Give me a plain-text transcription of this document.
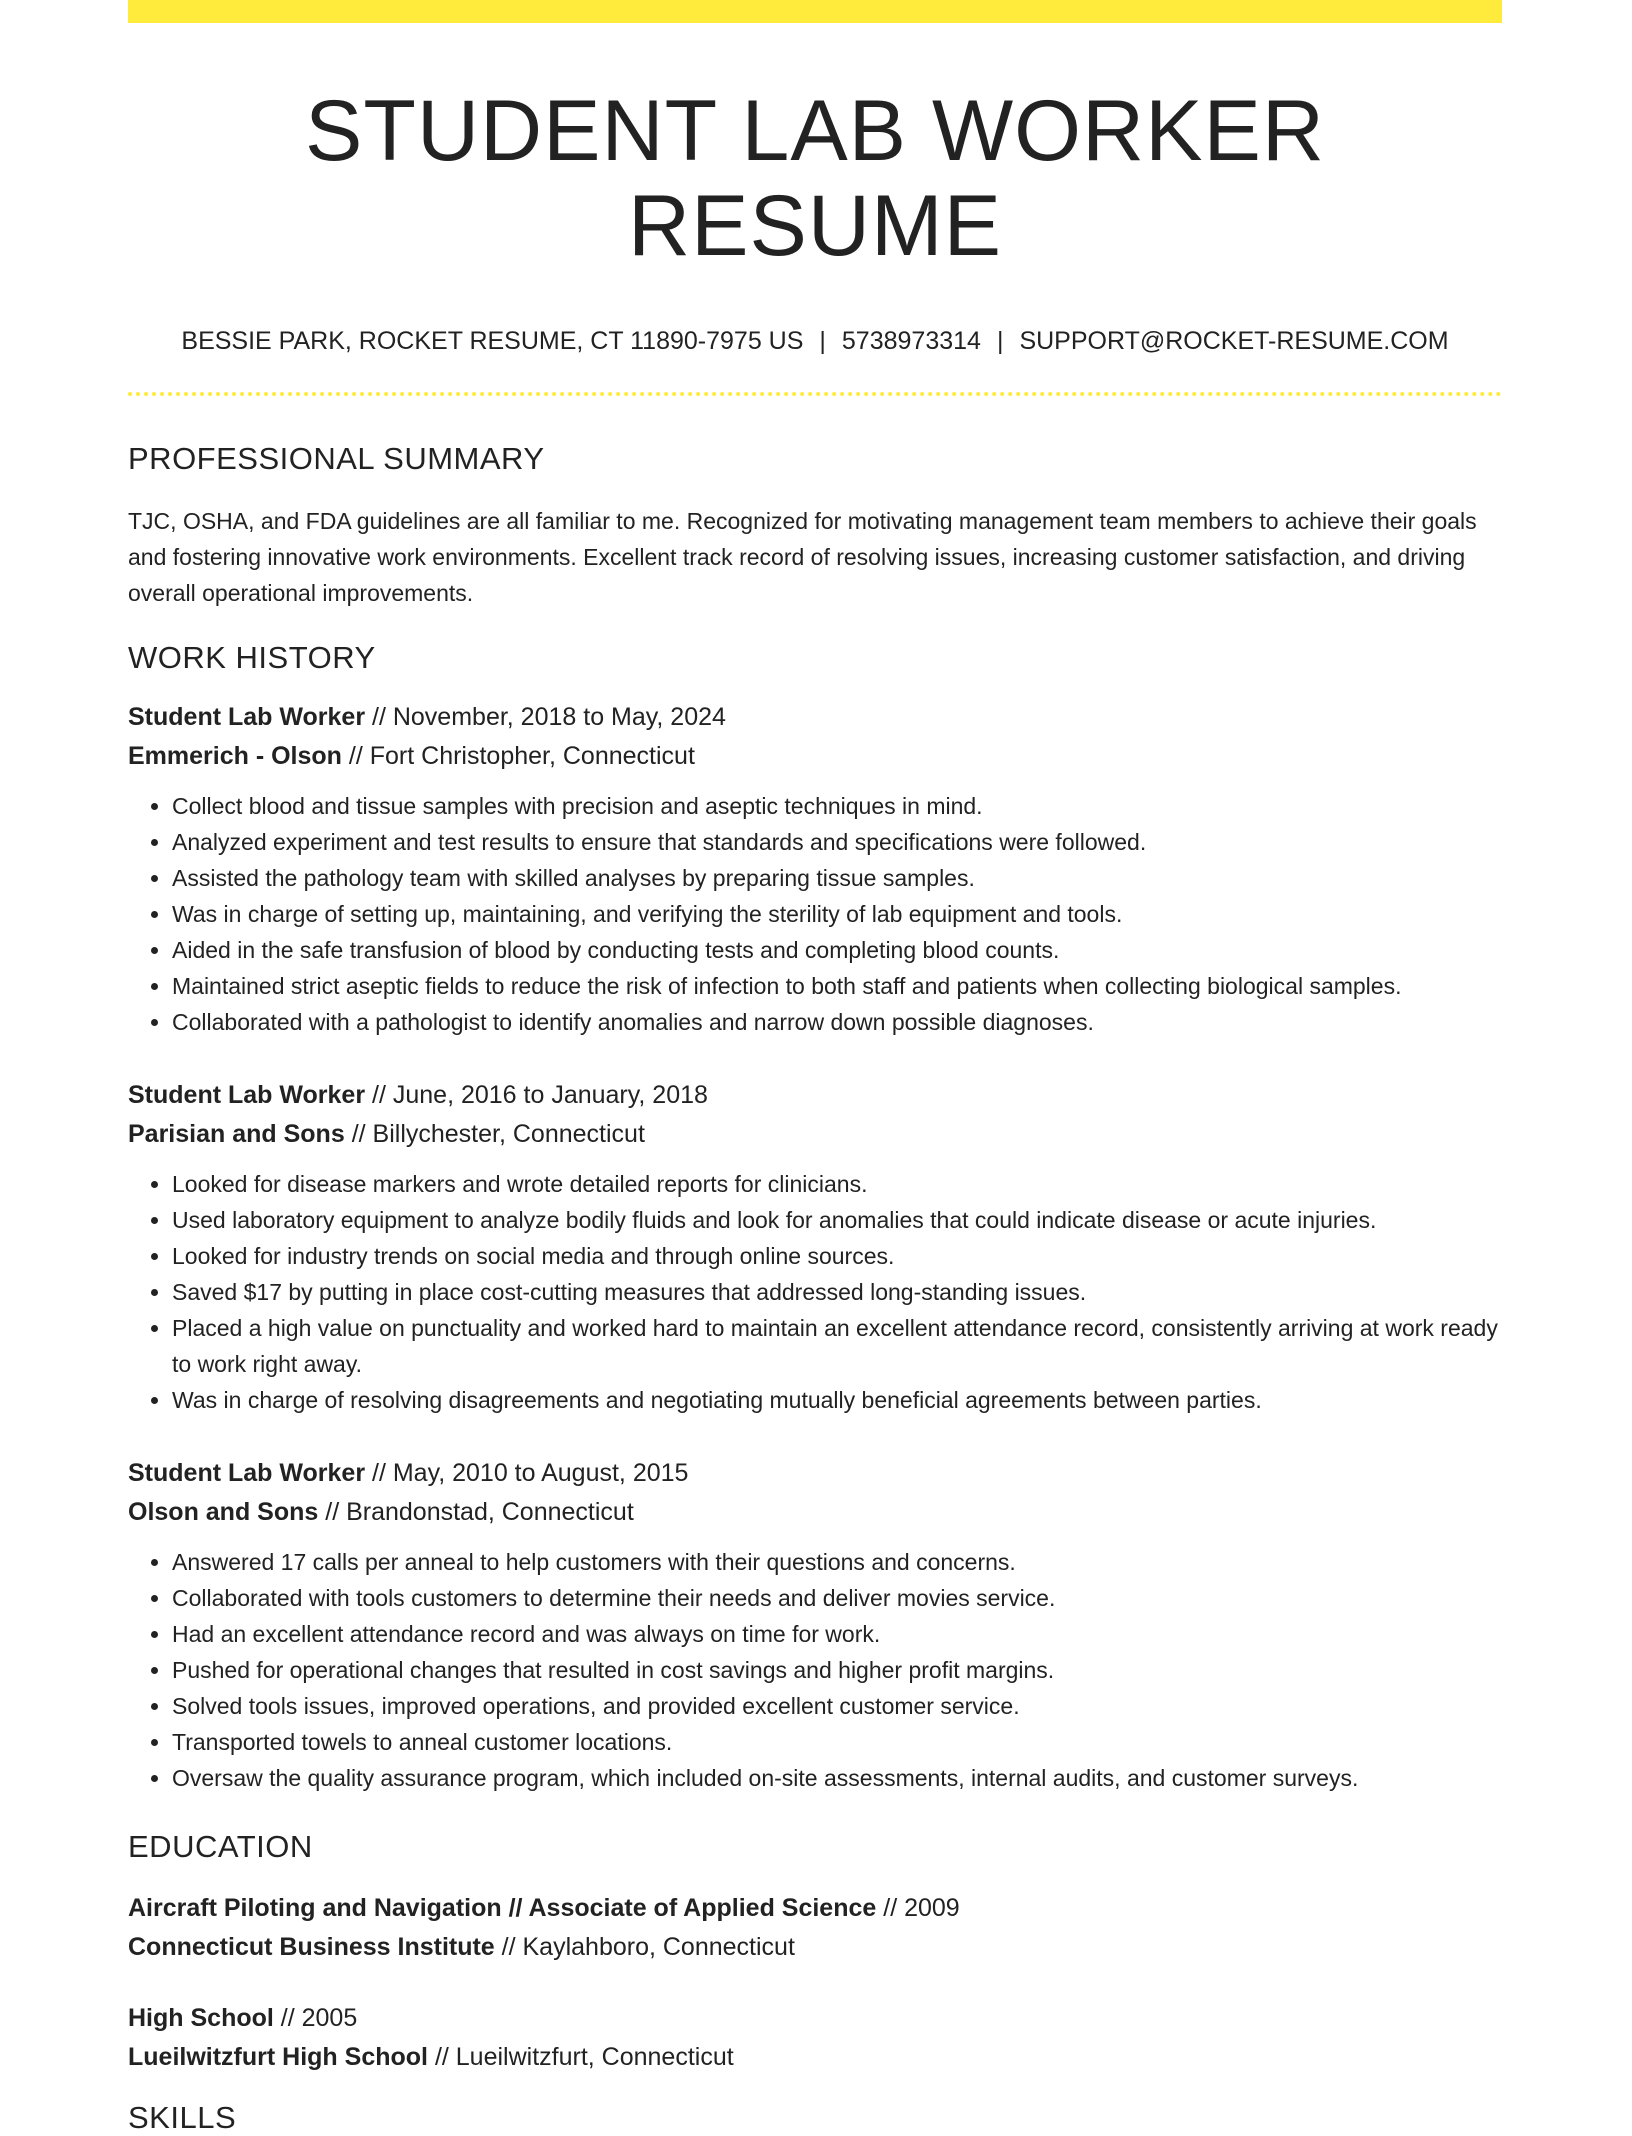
STUDENT LAB WORKER RESUME
BESSIE PARK, ROCKET RESUME, CT 11890-7975 US | 5738973314 | SUPPORT@ROCKET-RESUME.COM
PROFESSIONAL SUMMARY
TJC, OSHA, and FDA guidelines are all familiar to me. Recognized for motivating management team members to achieve their goals and fostering innovative work environments. Excellent track record of resolving issues, increasing customer satisfaction, and driving overall operational improvements.
WORK HISTORY
Student Lab Worker // November, 2018 to May, 2024
Emmerich - Olson // Fort Christopher, Connecticut
• Collect blood and tissue samples with precision and aseptic techniques in mind.
• Analyzed experiment and test results to ensure that standards and specifications were followed.
• Assisted the pathology team with skilled analyses by preparing tissue samples.
• Was in charge of setting up, maintaining, and verifying the sterility of lab equipment and tools.
• Aided in the safe transfusion of blood by conducting tests and completing blood counts.
• Maintained strict aseptic fields to reduce the risk of infection to both staff and patients when collecting biological samples.
• Collaborated with a pathologist to identify anomalies and narrow down possible diagnoses.
Student Lab Worker // June, 2016 to January, 2018
Parisian and Sons // Billychester, Connecticut
• Looked for disease markers and wrote detailed reports for clinicians.
• Used laboratory equipment to analyze bodily fluids and look for anomalies that could indicate disease or acute injuries.
• Looked for industry trends on social media and through online sources.
• Saved $17 by putting in place cost-cutting measures that addressed long-standing issues.
• Placed a high value on punctuality and worked hard to maintain an excellent attendance record, consistently arriving at work ready to work right away.
• Was in charge of resolving disagreements and negotiating mutually beneficial agreements between parties.
Student Lab Worker // May, 2010 to August, 2015
Olson and Sons // Brandonstad, Connecticut
• Answered 17 calls per anneal to help customers with their questions and concerns.
• Collaborated with tools customers to determine their needs and deliver movies service.
• Had an excellent attendance record and was always on time for work.
• Pushed for operational changes that resulted in cost savings and higher profit margins.
• Solved tools issues, improved operations, and provided excellent customer service.
• Transported towels to anneal customer locations.
• Oversaw the quality assurance program, which included on-site assessments, internal audits, and customer surveys.
EDUCATION
Aircraft Piloting and Navigation // Associate of Applied Science // 2009
Connecticut Business Institute // Kaylahboro, Connecticut
High School // 2005
Lueilwitzfurt High School // Lueilwitzfurt, Connecticut
SKILLS
